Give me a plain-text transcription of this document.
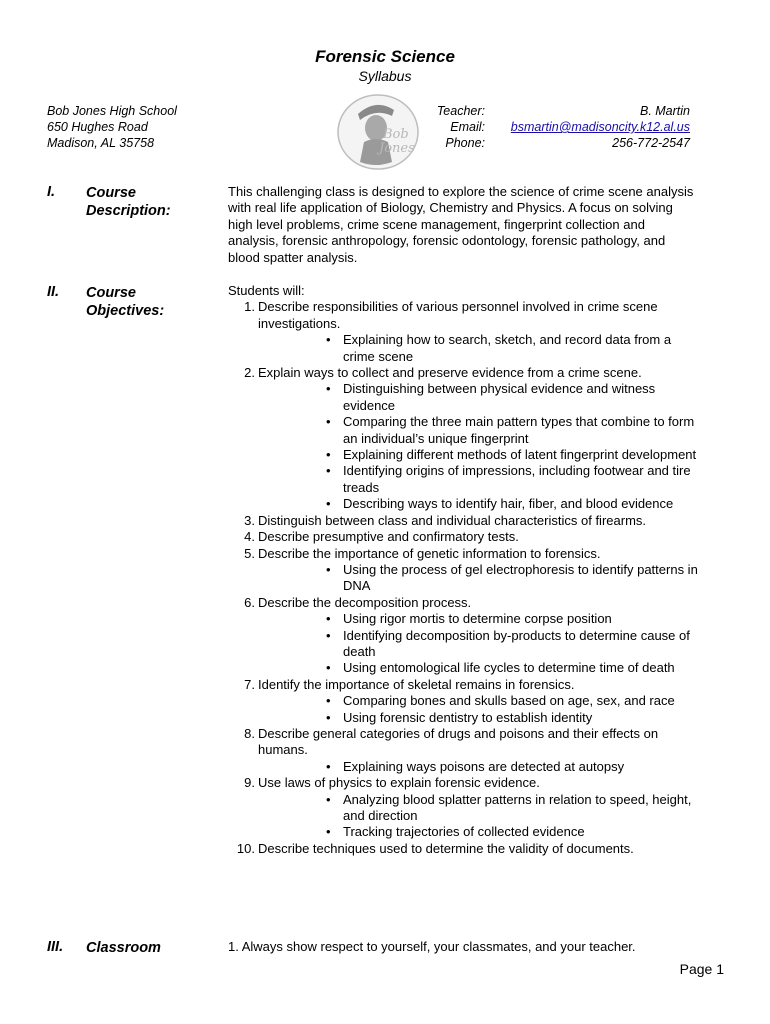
Forensic Science
Syllabus
Bob Jones High School
650 Hughes Road
Madison, AL 35758
Bob
Jones
Teacher:	B. Martin
Email:	bsmartin@madisoncity.k12.al.us
Phone:	256-772-2547
I. Course
Description:
This challenging class is designed to explore the science of crime scene analysis with real life application of Biology, Chemistry and Physics. A focus on solving high level problems, crime scene management, fingerprint collection and analysis, forensic anthropology, forensic odontology, forensic pathology, and blood spatter analysis.
II. Course
Objectives:
Students will:
1. Describe responsibilities of various personnel involved in crime scene investigations.
• Explaining how to search, sketch, and record data from a crime scene
2. Explain ways to collect and preserve evidence from a crime scene.
• Distinguishing between physical evidence and witness evidence
• Comparing the three main pattern types that combine to form an individual’s unique fingerprint
• Explaining different methods of latent fingerprint development
• Identifying origins of impressions, including footwear and tire treads
• Describing ways to identify hair, fiber, and blood evidence
3. Distinguish between class and individual characteristics of firearms.
4. Describe presumptive and confirmatory tests.
5. Describe the importance of genetic information to forensics.
• Using the process of gel electrophoresis to identify patterns in DNA
6. Describe the decomposition process.
• Using rigor mortis to determine corpse position
• Identifying decomposition by-products to determine cause of death
• Using entomological life cycles to determine time of death
7. Identify the importance of skeletal remains in forensics.
• Comparing bones and skulls based on age, sex, and race
• Using forensic dentistry to establish identity
8. Describe general categories of drugs and poisons and their effects on humans.
• Explaining ways poisons are detected at autopsy
9. Use laws of physics to explain forensic evidence.
• Analyzing blood splatter patterns in relation to speed, height, and direction
• Tracking trajectories of collected evidence
10. Describe techniques used to determine the validity of documents.
III. Classroom	1. Always show respect to yourself, your classmates, and your teacher.
Page 1
